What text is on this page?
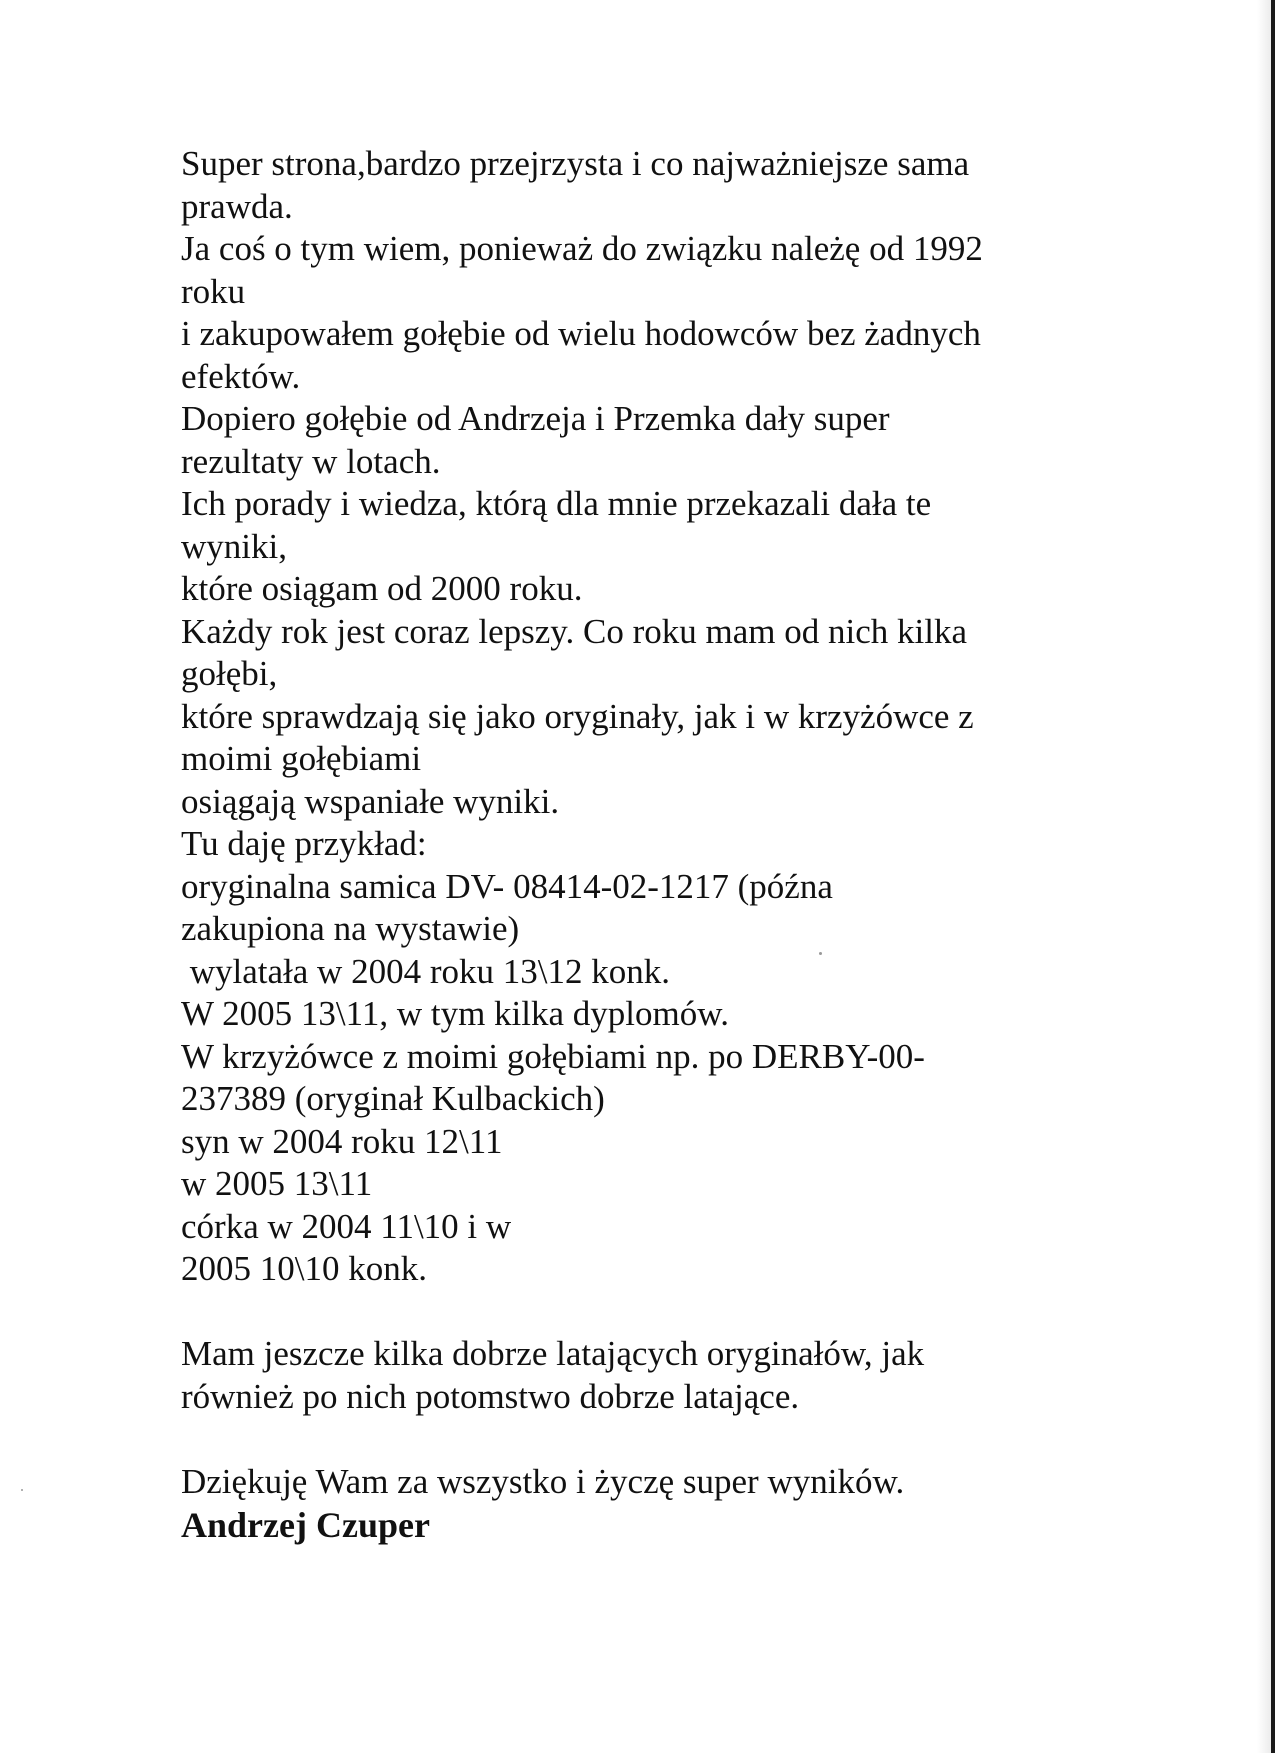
Super strona,bardzo przejrzysta i co najważniejsze sama
prawda.
Ja coś o tym wiem, ponieważ do związku należę od 1992
roku
i zakupowałem gołębie od wielu hodowców bez żadnych
efektów.
Dopiero gołębie od Andrzeja i Przemka dały super
rezultaty w lotach.
Ich porady i wiedza, którą dla mnie przekazali dała te
wyniki,
które osiągam od 2000 roku.
Każdy rok jest coraz lepszy. Co roku mam od nich kilka
gołębi,
które sprawdzają się jako oryginały, jak i w krzyżówce z
moimi gołębiami
osiągają wspaniałe wyniki.
Tu daję przykład:
oryginalna samica DV- 08414-02-1217 (późna
zakupiona na wystawie)
wylatała w 2004 roku 13\12 konk.
W 2005 13\11, w tym kilka dyplomów.
W krzyżówce z moimi gołębiami np. po DERBY-00-
237389 (oryginał Kulbackich)
syn w 2004 roku 12\11
w 2005 13\11
córka w 2004 11\10 i w
2005 10\10 konk.
Mam jeszcze kilka dobrze latających oryginałów, jak
również po nich potomstwo dobrze latające.
Dziękuję Wam za wszystko i życzę super wyników.
Andrzej Czuper
